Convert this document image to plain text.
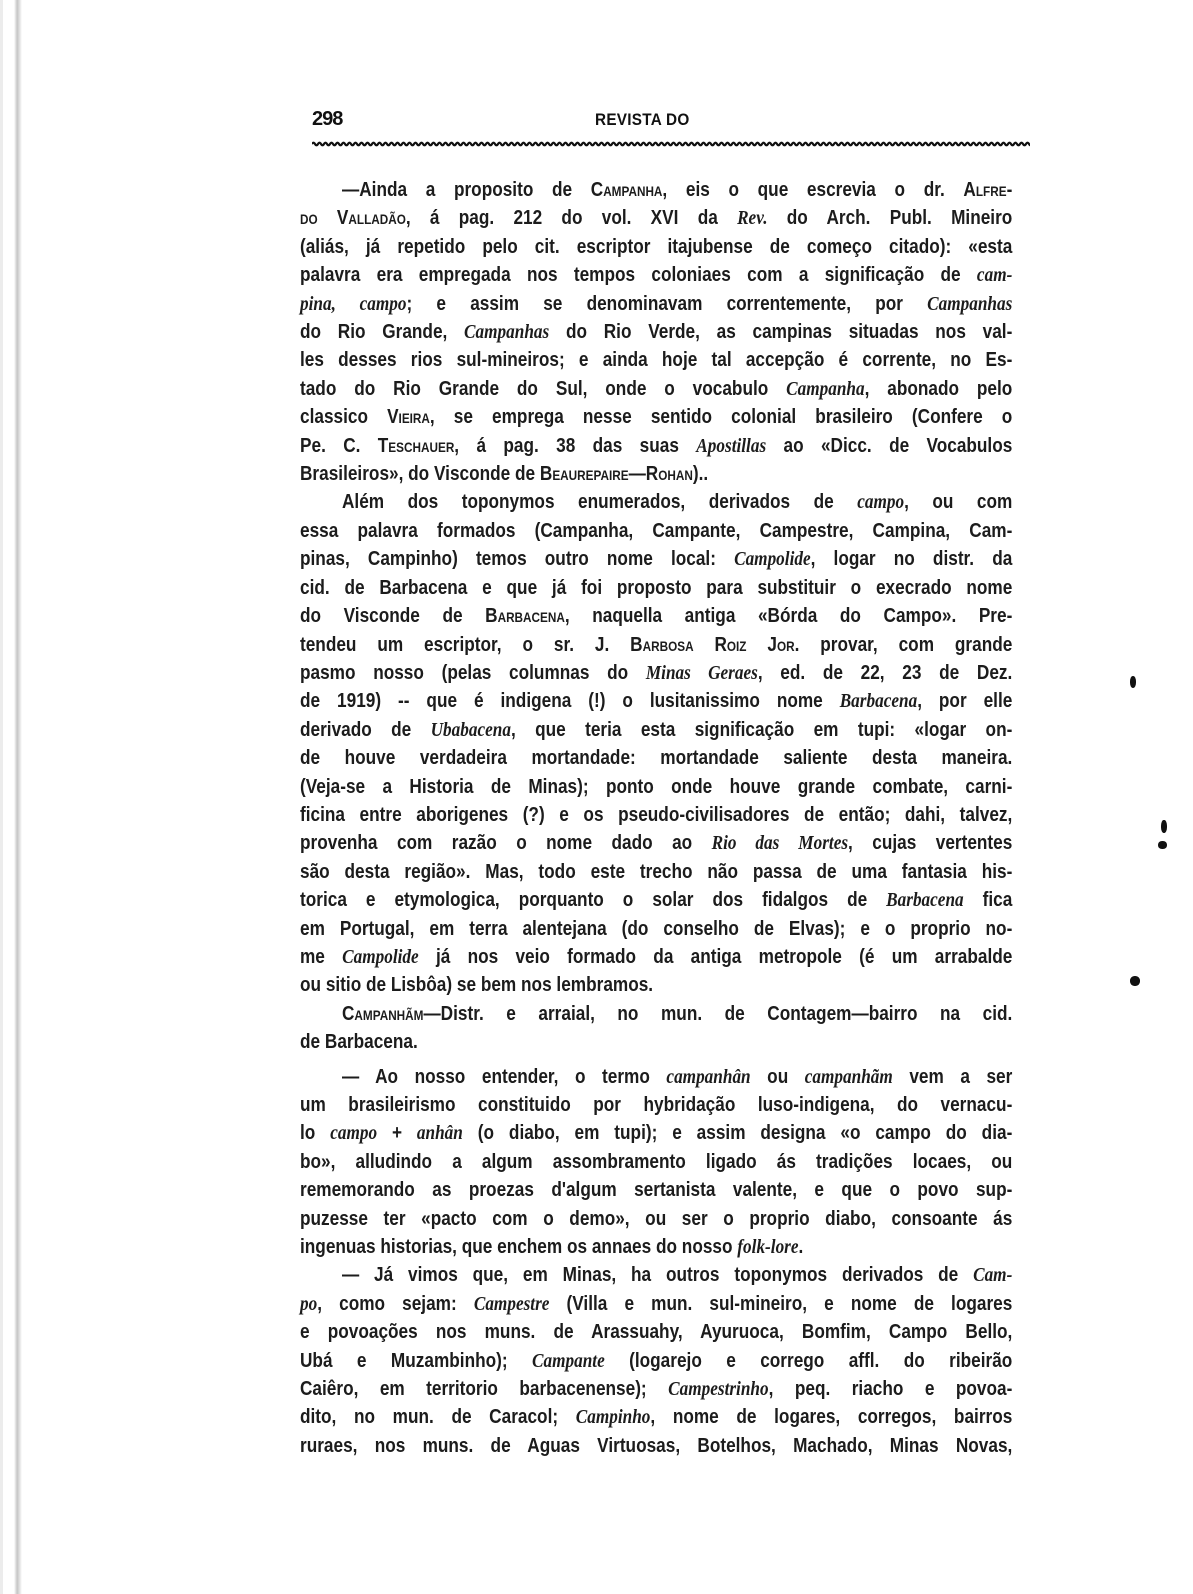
298	REVISTA DO

—Ainda a proposito de Campanha, eis o que escrevia o dr. Alfre-
do Valladão, á pag. 212 do vol. XVI da Rev. do Arch. Publ. Mineiro
(aliás, já repetido pelo cit. escriptor itajubense de começo citado): «esta
palavra era empregada nos tempos coloniaes com a significação de cam-
pina, campo; e assim se denominavam correntemente, por Campanhas
do Rio Grande, Campanhas do Rio Verde, as campinas situadas nos val-
les desses rios sul-mineiros; e ainda hoje tal accepção é corrente, no Es-
tado do Rio Grande do Sul, onde o vocabulo Campanha, abonado pelo
classico Vieira, se emprega nesse sentido colonial brasileiro (Confere o
Pe. C. Teschauer, á pag. 38 das suas Apostillas ao «Dicc. de Vocabulos
Brasileiros», do Visconde de Beaurepaire—Rohan)..

Além dos toponymos enumerados, derivados de campo, ou com
essa palavra formados (Campanha, Campante, Campestre, Campina, Cam-
pinas, Campinho) temos outro nome local: Campolide, logar no distr. da
cid. de Barbacena e que já foi proposto para substituir o execrado nome
do Visconde de Barbacena, naquella antiga «Bórda do Campo». Pre-
tendeu um escriptor, o sr. J. Barbosa Roiz Jor. provar, com grande
pasmo nosso (pelas columnas do Minas Geraes, ed. de 22, 23 de Dez.
de 1919) -- que é indigena (!) o lusitanissimo nome Barbacena, por elle
derivado de Ubabacena, que teria esta significação em tupi: «logar on-
de houve verdadeira mortandade: mortandade saliente desta maneira.
(Veja-se a Historia de Minas); ponto onde houve grande combate, carni-
ficina entre aborigenes (?) e os pseudo-civilisadores de então; dahi, talvez,
provenha com razão o nome dado ao Rio das Mortes, cujas vertentes
são desta região». Mas, todo este trecho não passa de uma fantasia his-
torica e etymologica, porquanto o solar dos fidalgos de Barbacena fica
em Portugal, em terra alentejana (do conselho de Elvas); e o proprio no-
me Campolide já nos veio formado da antiga metropole (é um arrabalde
ou sitio de Lisbôa) se bem nos lembramos.

Campanhãm—Distr. e arraial, no mun. de Contagem—bairro na cid.
de Barbacena.

— Ao nosso entender, o termo campanhân ou campanhãm vem a ser
um brasileirismo constituido por hybridação luso-indigena, do vernacu-
lo campo + anhân (o diabo, em tupi); e assim designa «o campo do dia-
bo», alludindo a algum assombramento ligado ás tradições locaes, ou
rememorando as proezas d'algum sertanista valente, e que o povo sup-
puzesse ter «pacto com o demo», ou ser o proprio diabo, consoante ás
ingenuas historias, que enchem os annaes do nosso folk-lore.

— Já vimos que, em Minas, ha outros toponymos derivados de Cam-
po, como sejam: Campestre (Villa e mun. sul-mineiro, e nome de logares
e povoações nos muns. de Arassuahy, Ayuruoca, Bomfim, Campo Bello,
Ubá e Muzambinho); Campante (logarejo e corrego affl. do ribeirão
Caiêro, em territorio barbacenense); Campestrinho, peq. riacho e povoa-
dito, no mun. de Caracol; Campinho, nome de logares, corregos, bairros
ruraes, nos muns. de Aguas Virtuosas, Botelhos, Machado, Minas Novas,
